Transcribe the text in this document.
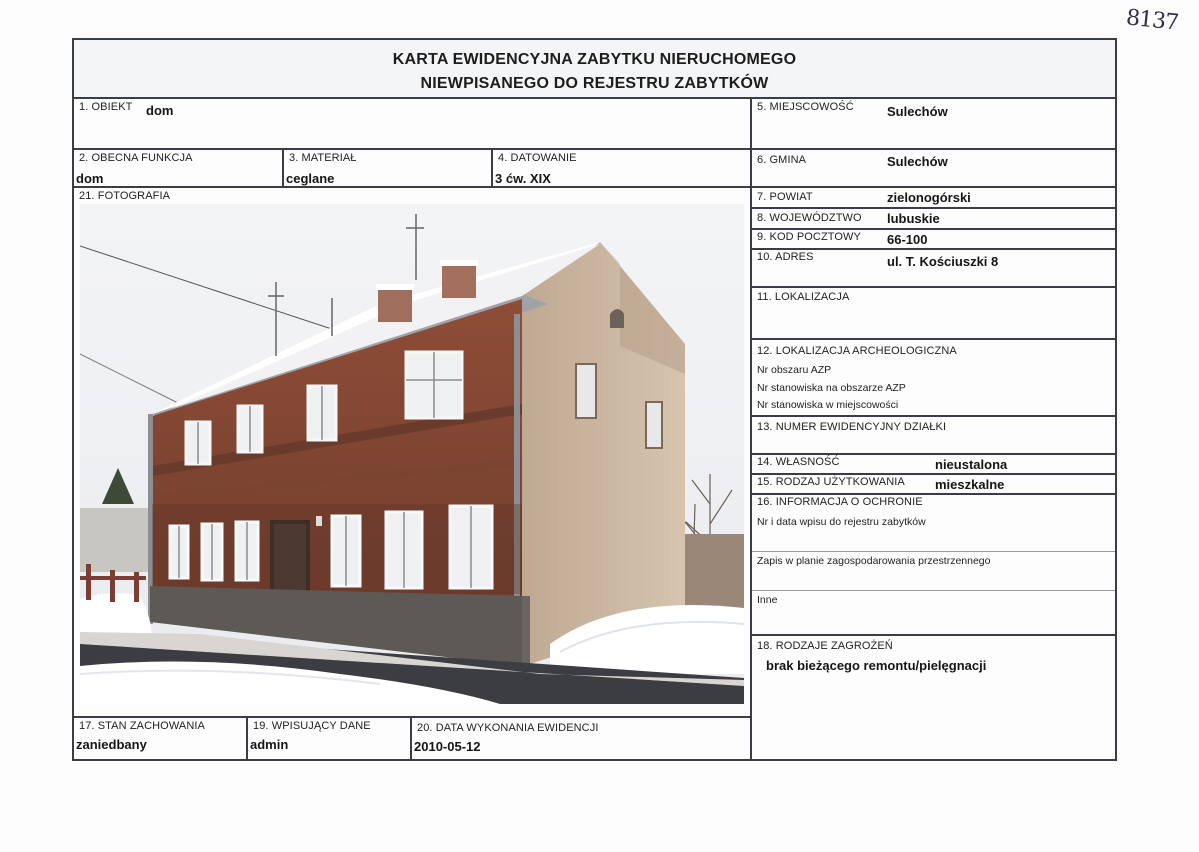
8137
KARTA EWIDENCYJNA ZABYTKU NIERUCHOMEGO
NIEWPISANEGO DO REJESTRU ZABYTKÓW
1. OBIEKT dom
2. OBECNA FUNKCJA
dom
3. MATERIAŁ
ceglane
4. DATOWANIE
3 ćw. XIX
21. FOTOGRAFIA
5. MIEJSCOWOŚĆ	Sulechów
6. GMINA	Sulechów
7. POWIAT	zielonogórski
8. WOJEWÓDZTWO lubuskie
9. KOD POCZTOWY 66-100
10. ADRES	ul. T. Kościuszki 8
11. LOKALIZACJA
12. LOKALIZACJA ARCHEOLOGICZNA
Nr obszaru AZP
Nr stanowiska na obszarze AZP
Nr stanowiska w miejscowości
13. NUMER EWIDENCYJNY DZIAŁKI
14. WŁASNOŚĆ	nieustalona
15. RODZAJ UŻYTKOWANIA mieszkalne
16. INFORMACJA O OCHRONIE
Nr i data wpisu do rejestru zabytków
Zapis w planie zagospodarowania przestrzennego
Inne
18. RODZAJE ZAGROŻEŃ
brak bieżącego remontu/pielęgnacji
17. STAN ZACHOWANIA
zaniedbany
19. WPISUJĄCY DANE
admin
20. DATA WYKONANIA EWIDENCJI
2010-05-12
